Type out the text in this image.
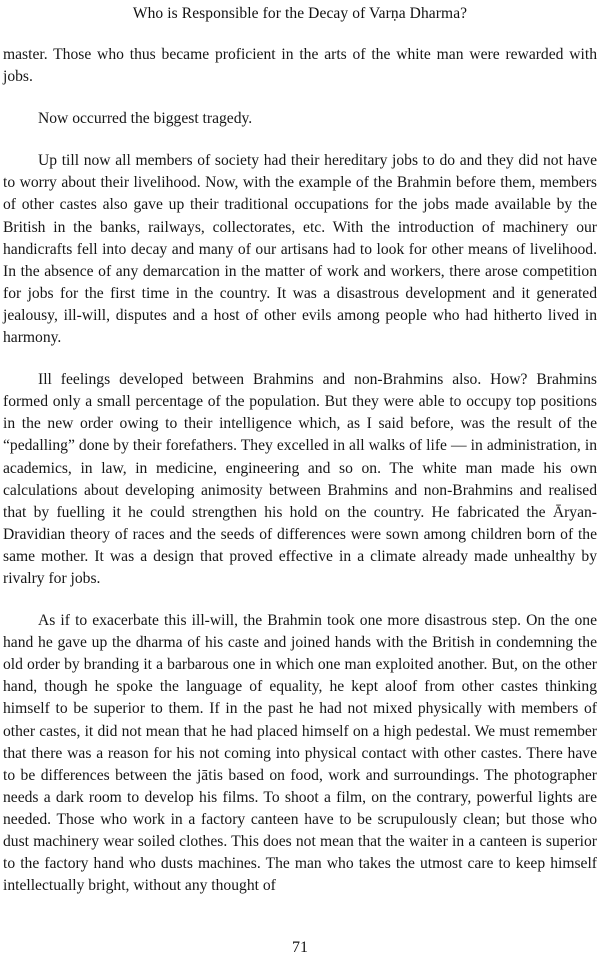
Who is Responsible for the Decay of Varṇa Dharma?

master. Those who thus became proficient in the arts of the white man were rewarded with jobs.

Now occurred the biggest tragedy.

Up till now all members of society had their hereditary jobs to do and they did not have to worry about their livelihood. Now, with the example of the Brahmin before them, members of other castes also gave up their traditional occupations for the jobs made available by the British in the banks, railways, collectorates, etc. With the introduction of machinery our handicrafts fell into decay and many of our artisans had to look for other means of livelihood. In the absence of any demarcation in the matter of work and workers, there arose competition for jobs for the first time in the country. It was a disastrous development and it generated jealousy, ill-will, disputes and a host of other evils among people who had hitherto lived in harmony.

Ill feelings developed between Brahmins and non-Brahmins also. How? Brahmins formed only a small percentage of the population. But they were able to occupy top positions in the new order owing to their intelligence which, as I said before, was the result of the “pedalling” done by their forefathers. They excelled in all walks of life — in administration, in academics, in law, in medicine, engineering and so on. The white man made his own calculations about developing animosity between Brahmins and non-Brahmins and realised that by fuelling it he could strengthen his hold on the country. He fabricated the Āryan-Dravidian theory of races and the seeds of differences were sown among children born of the same mother. It was a design that proved effective in a climate already made unhealthy by rivalry for jobs.

As if to exacerbate this ill-will, the Brahmin took one more disastrous step. On the one hand he gave up the dharma of his caste and joined hands with the British in condemning the old order by branding it a barbarous one in which one man exploited another. But, on the other hand, though he spoke the language of equality, he kept aloof from other castes thinking himself to be superior to them. If in the past he had not mixed physically with members of other castes, it did not mean that he had placed himself on a high pedestal. We must remember that there was a reason for his not coming into physical contact with other castes. There have to be differences between the jātis based on food, work and surroundings. The photographer needs a dark room to develop his films. To shoot a film, on the contrary, powerful lights are needed. Those who work in a factory canteen have to be scrupulously clean; but those who dust machinery wear soiled clothes. This does not mean that the waiter in a canteen is superior to the factory hand who dusts machines. The man who takes the utmost care to keep himself intellectually bright, without any thought of

71
